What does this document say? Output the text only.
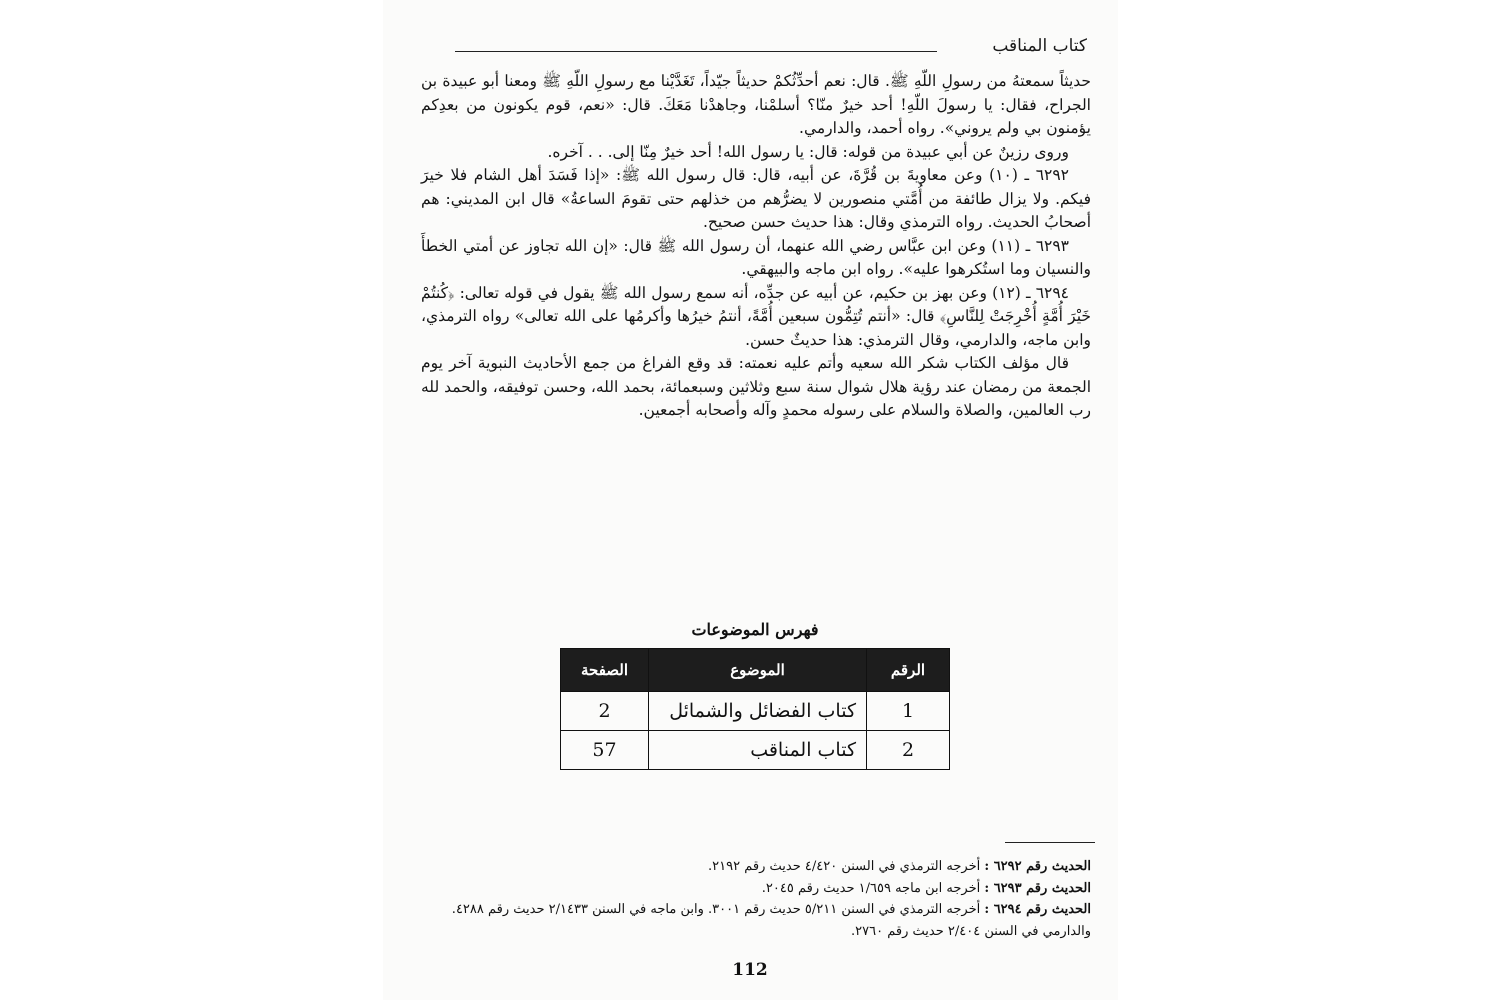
كتاب المناقب

حديثاً سمعتهُ من رسولِ اللّهِ ﷺ. قال: نعم أحدِّثُكمْ حديثاً جيّداً، تَغَدَّيْنا مع رسولِ اللّهِ ﷺ ومعنا أبو عبيدة بن الجراح، فقال: يا رسولَ اللّهِ! أحد خيرٌ منّا؟ أسلمْنا، وجاهدْنا مَعَكَ. قال: «نعم، قوم يكونون من بعدِكم يؤمنون بي ولم يروني». رواه أحمد، والدارمي.

وروى رزينٌ عن أبي عبيدة من قوله: قال: يا رسول الله! أحد خيرٌ مِنّا إلى. . . آخره.

٦٢٩٢ ـ (١٠) وعن معاويةَ بن قُرَّةَ، عن أبيه، قال: قال رسول الله ﷺ: «إذا فَسَدَ أهل الشام فلا خيرَ فيكم. ولا يزال طائفة من أُمَّتي منصورين لا يضرُّهم من خذلهم حتى تقومَ الساعةُ» قال ابن المديني: هم أصحابُ الحديث. رواه الترمذي وقال: هذا حديث حسن صحيح.

٦٢٩٣ ـ (١١) وعن ابن عبَّاس رضي الله عنهما، أن رسول الله ﷺ قال: «إن الله تجاوز عن أمتي الخطأَ والنسيان وما استُكرهوا عليه». رواه ابن ماجه والبيهقي.

٦٢٩٤ ـ (١٢) وعن بهز بن حكيم، عن أبيه عن جدِّه، أنه سمع رسول الله ﷺ يقول في قوله تعالى: ﴿كُنتُمْ خَيْرَ أُمَّةٍ أُخْرِجَتْ لِلنَّاسِ﴾ قال: «أنتم تُتِمُّون سبعين أُمَّةً، أنتمُ خيرُها وأكرمُها على الله تعالى» رواه الترمذي، وابن ماجه، والدارمي، وقال الترمذي: هذا حديثٌ حسن.

قال مؤلف الكتاب شكر الله سعيه وأتم عليه نعمته: قد وقع الفراغ من جمع الأحاديث النبوية آخر يوم الجمعة من رمضان عند رؤية هلال شوال سنة سبع وثلاثين وسبعمائة، بحمد الله، وحسن توفيقه، والحمد لله رب العالمين، والصلاة والسلام على رسوله محمدٍ وآله وأصحابه أجمعين.

فهرس الموضوعات
الرقم	الموضوع	الصفحة
1	كتاب الفضائل والشمائل	2
2	كتاب المناقب	57

الحديث رقم ٦٢٩٢ : أخرجه الترمذي في السنن ٤/٤٢٠ حديث رقم ٢١٩٢.

الحديث رقم ٦٢٩٣ : أخرجه ابن ماجه ١/٦٥٩ حديث رقم ٢٠٤٥.

الحديث رقم ٦٢٩٤ : أخرجه الترمذي في السنن ٥/٢١١ حديث رقم ٣٠٠١. وابن ماجه في السنن ٢/١٤٣٣ حديث رقم ٤٢٨٨. والدارمي في السنن ٢/٤٠٤ حديث رقم ٢٧٦٠.

112
